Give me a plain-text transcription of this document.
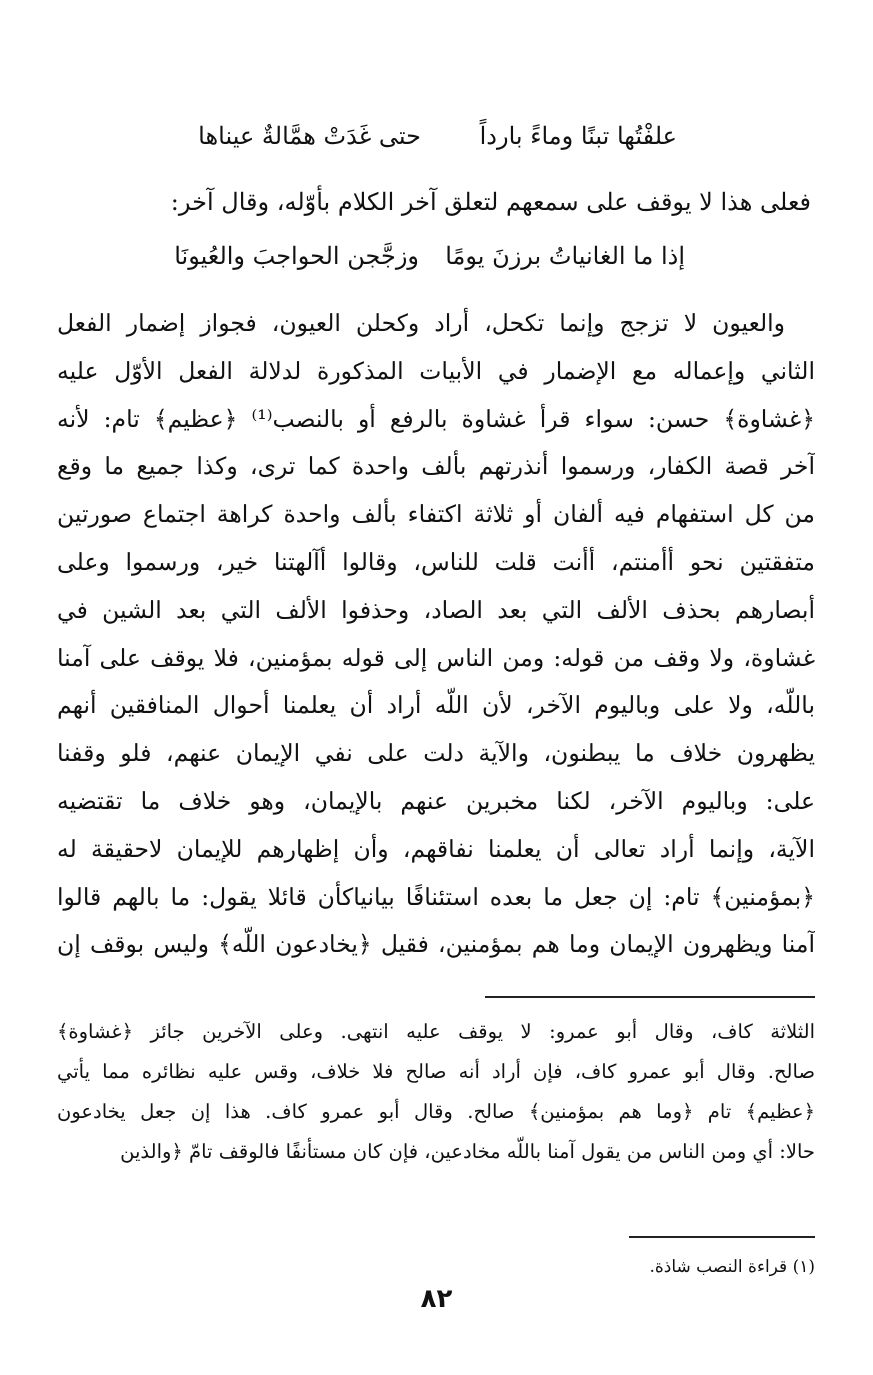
علفْتُها تبنًا وماءً بارداً
حتى غَدَتْ همَّالةٌ عيناها
فعلى هذا لا يوقف على سمعهم لتعلق آخر الكلام بأوّله، وقال آخر:
إذا ما الغانياتُ برزنَ يومًا
وزجَّجن الحواجبَ والعُيونَا
والعيون لا تزجج وإنما تكحل، أراد وكحلن العيون، فجواز إضمار الفعل
الثاني وإعماله مع الإضمار في الأبيات المذكورة لدلالة الفعل الأوّل عليه
﴿غشاوة﴾ حسن: سواء قرأ غشاوة بالرفع أو بالنصب⁽¹⁾ ﴿عظيم﴾ تام: لأنه
آخر قصة الكفار، ورسموا أنذرتهم بألف واحدة كما ترى، وكذا جميع ما وقع
من كل استفهام فيه ألفان أو ثلاثة اكتفاء بألف واحدة كراهة اجتماع صورتين
متفقتين نحو أأمنتم، أأنت قلت للناس، وقالوا أآلهتنا خير، ورسموا وعلى
أبصارهم بحذف الألف التي بعد الصاد، وحذفوا الألف التي بعد الشين في
غشاوة، ولا وقف من قوله: ومن الناس إلى قوله بمؤمنين، فلا يوقف على آمنا
باللّه، ولا على وباليوم الآخر، لأن اللّه أراد أن يعلمنا أحوال المنافقين أنهم
يظهرون خلاف ما يبطنون، والآية دلت على نفي الإيمان عنهم، فلو وقفنا
على: وباليوم الآخر، لكنا مخبرين عنهم بالإيمان، وهو خلاف ما تقتضيه
الآية، وإنما أراد تعالى أن يعلمنا نفاقهم، وأن إظهارهم للإيمان لاحقيقة له
﴿بمؤمنين﴾ تام: إن جعل ما بعده استئنافًا بيانياكأن قائلا يقول: ما بالهم قالوا
آمنا ويظهرون الإيمان وما هم بمؤمنين، فقيل ﴿يخادعون اللّه﴾ وليس بوقف إن
الثلاثة كاف، وقال أبو عمرو: لا يوقف عليه انتهى. وعلى الآخرين جائز ﴿غشاوة﴾
صالح. وقال أبو عمرو كاف، فإن أراد أنه صالح فلا خلاف، وقس عليه نظائره مما يأتي
﴿عظيم﴾ تام ﴿وما هم بمؤمنين﴾ صالح. وقال أبو عمرو كاف. هذا إن جعل يخادعون
حالا: أي ومن الناس من يقول آمنا باللّه مخادعين، فإن كان مستأنفًا فالوقف تامّ ﴿والذين
(١) قراءة النصب شاذة.
٨٢
